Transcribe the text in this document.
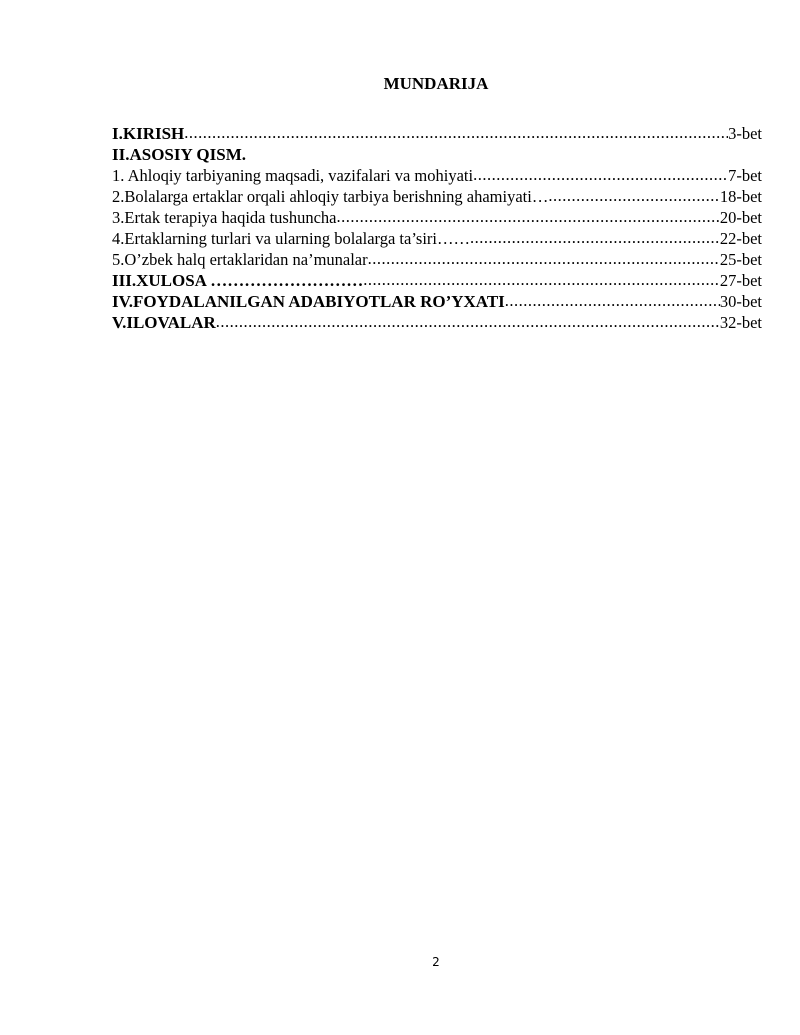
MUNDARIJA
I.KIRISH .....	3-bet
II.ASOSIY QISM.
1. Ahloqiy tarbiyaning maqsadi, vazifalari va mohiyati .....	7-bet
2.Bolalarga ertaklar orqali ahloqiy tarbiya berishning ahamiyati… .....	18-bet
3.Ertak terapiya haqida tushuncha .....	20-bet
4.Ertaklarning turlari va ularning bolalarga ta’siri…… .....	22-bet
5.O’zbek halq ertaklaridan na’munalar .....	25-bet
III.XULOSA ……………………… .....	27-bet
IV.FOYDALANILGAN ADABIYOTLAR RO’YXATI .....	30-bet
V.ILOVALAR .....	32-bet
2
